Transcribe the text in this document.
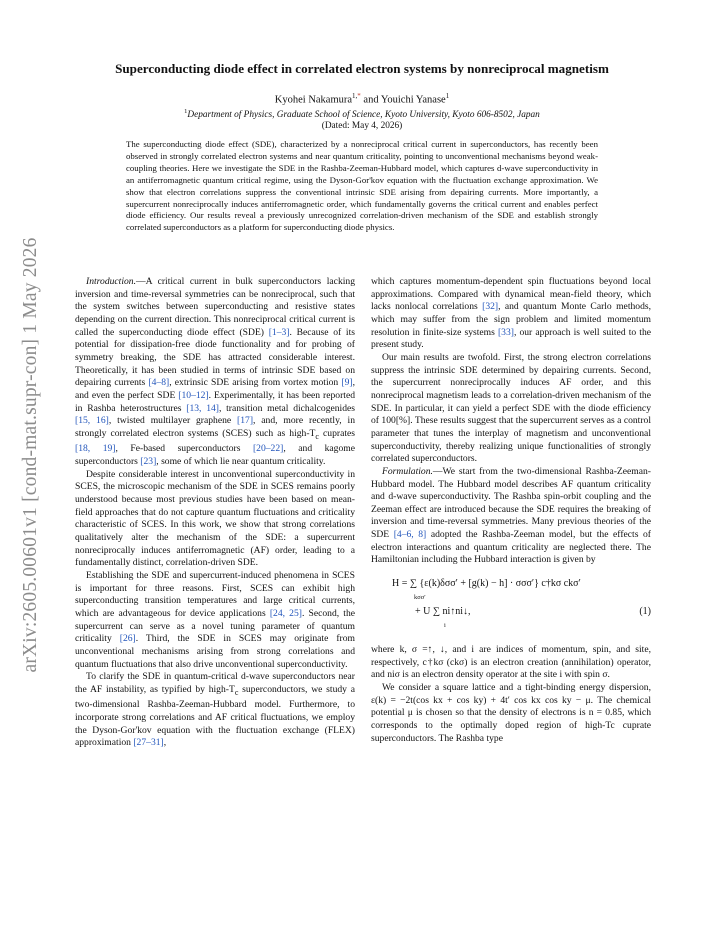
arXiv:2605.00601v1 [cond-mat.supr-con] 1 May 2026
Superconducting diode effect in correlated electron systems by nonreciprocal magnetism
Kyohei Nakamura$^{1,*}$ and Youichi Yanase$^1$
$^1$Department of Physics, Graduate School of Science, Kyoto University, Kyoto 606-8502, Japan
(Dated: May 4, 2026)

The superconducting diode effect (SDE), characterized by a nonreciprocal critical current in superconductors, has recently been observed in strongly correlated electron systems and near quantum criticality, pointing to unconventional mechanisms beyond weak-coupling theories. Here we investigate the SDE in the Rashba-Zeeman-Hubbard model, which captures d-wave superconductivity in an antiferromagnetic quantum critical regime, using the Dyson-Gor'kov equation with the fluctuation exchange approximation. We show that electron correlations suppress the conventional intrinsic SDE arising from depairing currents. More importantly, a supercurrent nonreciprocally induces antiferromagnetic order, which fundamentally governs the critical current and enables perfect diode efficiency. Our results reveal a previously unrecognized correlation-driven mechanism of the SDE and establish strongly correlated superconductors as a platform for superconducting diode physics.

Introduction.—A critical current in bulk superconductors lacking inversion and time-reversal symmetries can be nonreciprocal, such that the system switches between superconducting and resistive states depending on the current direction. This nonreciprocal critical current is called the superconducting diode effect (SDE) [1–3]. Because of its potential for dissipation-free diode functionality and for probing of symmetry breaking, the SDE has attracted considerable interest. Theoretically, it has been studied in terms of intrinsic SDE based on depairing currents [4–8], extrinsic SDE arising from vortex motion [9], and even the perfect SDE [10–12]. Experimentally, it has been reported in Rashba heterostructures [13, 14], transition metal dichalcogenides [15, 16], twisted multilayer graphene [17], and, more recently, in strongly correlated electron systems (SCES) such as high-$T_c$ cuprates [18, 19], Fe-based superconductors [20–22], and kagome superconductors [23], some of which lie near quantum criticality.

Despite considerable interest in unconventional superconductivity in SCES, the microscopic mechanism of the SDE in SCES remains poorly understood because most previous studies have been based on mean-field approaches that do not capture quantum fluctuations and criticality characteristic of SCES. In this work, we show that strong correlations qualitatively alter the mechanism of the SDE: a supercurrent nonreciprocally induces antiferromagnetic (AF) order, leading to a fundamentally distinct, correlation-driven SDE.

Establishing the SDE and supercurrent-induced phenomena in SCES is important for three reasons. First, SCES can exhibit high superconducting transition temperatures and large critical currents, which are advantageous for device applications [24, 25]. Second, the supercurrent can serve as a novel tuning parameter of quantum criticality [26]. Third, the SDE in SCES may originate from unconventional mechanisms arising from strong correlations and quantum fluctuations that also drive unconventional superconductivity.

To clarify the SDE in quantum-critical d-wave superconductors near the AF instability, as typified by high-$T_c$ superconductors, we study a two-dimensional Rashba-Zeeman-Hubbard model. Furthermore, to incorporate strong correlations and AF critical fluctuations, we employ the Dyson-Gor'kov equation with the fluctuation exchange (FLEX) approximation [27–31],

which captures momentum-dependent spin fluctuations beyond local approximations. Compared with dynamical mean-field theory, which lacks nonlocal correlations [32], and quantum Monte Carlo methods, which may suffer from the sign problem and limited momentum resolution in finite-size systems [33], our approach is well suited to the present study.

Our main results are twofold. First, the strong electron correlations suppress the intrinsic SDE determined by depairing currents. Second, the supercurrent nonreciprocally induces AF order, and this nonreciprocal magnetism leads to a correlation-driven mechanism of the SDE. In particular, it can yield a perfect SDE with the diode efficiency of 100[%]. These results suggest that the supercurrent serves as a control parameter that tunes the interplay of magnetism and unconventional superconductivity, thereby realizing unique functionalities of strongly correlated superconductors.

Formulation.—We start from the two-dimensional Rashba-Zeeman-Hubbard model. The Hubbard model describes AF quantum criticality and d-wave superconductivity. The Rashba spin-orbit coupling and the Zeeman effect are introduced because the SDE requires the breaking of inversion and time-reversal symmetries. Many previous theories of the SDE [4–6, 8] adopted the Rashba-Zeeman model, but the effects of electron interactions and quantum criticality are neglected there. The Hamiltonian including the Hubbard interaction is given by

H = ∑ {ε(k)δσσ′ + [g(k) − h] · σσσ′} c†kσ ckσ′
kσσ′
+ U ∑ ni↑ni↓,
i
(1)

where k, σ =↑, ↓, and i are indices of momentum, spin, and site, respectively, c†kσ (ckσ) is an electron creation (annihilation) operator, and niσ is an electron density operator at the site i with spin σ.

We consider a square lattice and a tight-binding energy dispersion, ε(k) = −2t(cos kx + cos ky) + 4t′ cos kx cos ky − μ. The chemical potential μ is chosen so that the density of electrons is n = 0.85, which corresponds to the optimally doped region of high-Tc cuprate superconductors. The Rashba type
